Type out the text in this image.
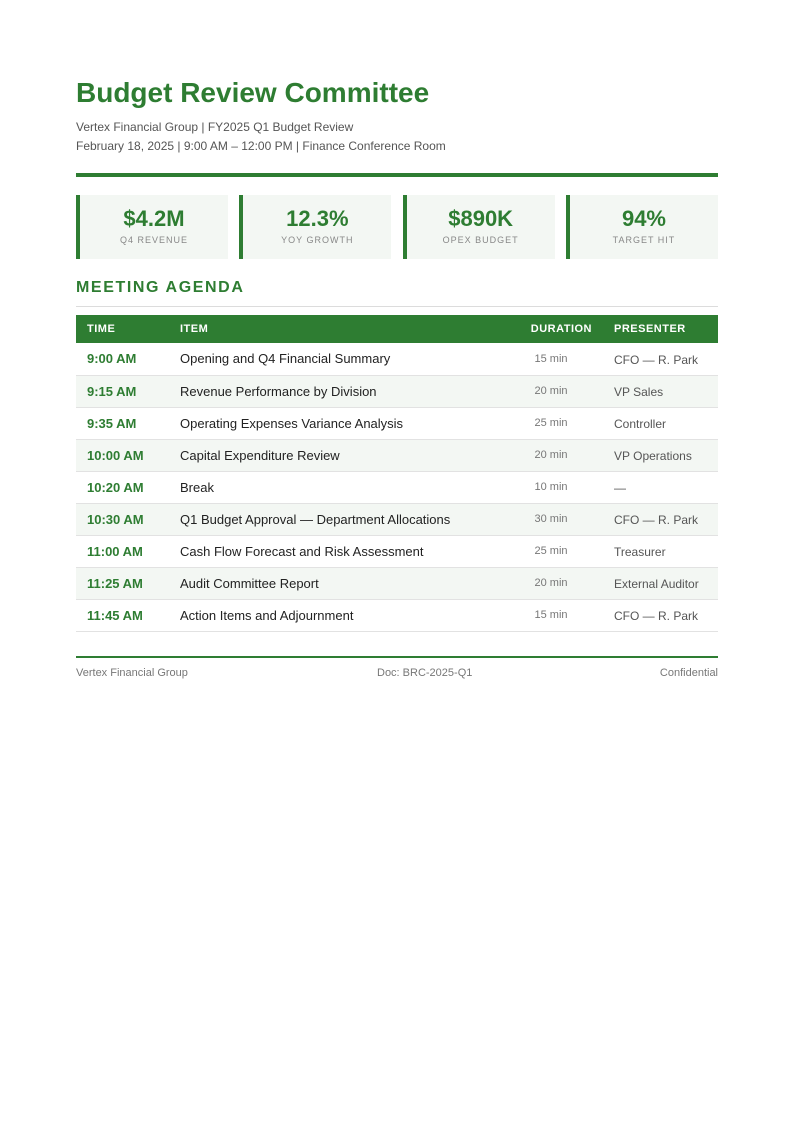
Budget Review Committee
Vertex Financial Group | FY2025 Q1 Budget Review
February 18, 2025 | 9:00 AM – 12:00 PM | Finance Conference Room
$4.2M
Q4 REVENUE
12.3%
YOY GROWTH
$890K
OPEX BUDGET
94%
TARGET HIT
MEETING AGENDA
TIME	ITEM	DURATION	PRESENTER
9:00 AM	Opening and Q4 Financial Summary	15 min	CFO — R. Park
9:15 AM	Revenue Performance by Division	20 min	VP Sales
9:35 AM	Operating Expenses Variance Analysis	25 min	Controller
10:00 AM	Capital Expenditure Review	20 min	VP Operations
10:20 AM	Break	10 min	—
10:30 AM	Q1 Budget Approval — Department Allocations	30 min	CFO — R. Park
11:00 AM	Cash Flow Forecast and Risk Assessment	25 min	Treasurer
11:25 AM	Audit Committee Report	20 min	External Auditor
11:45 AM	Action Items and Adjournment	15 min	CFO — R. Park
Vertex Financial Group	Doc: BRC-2025-Q1	Confidential
